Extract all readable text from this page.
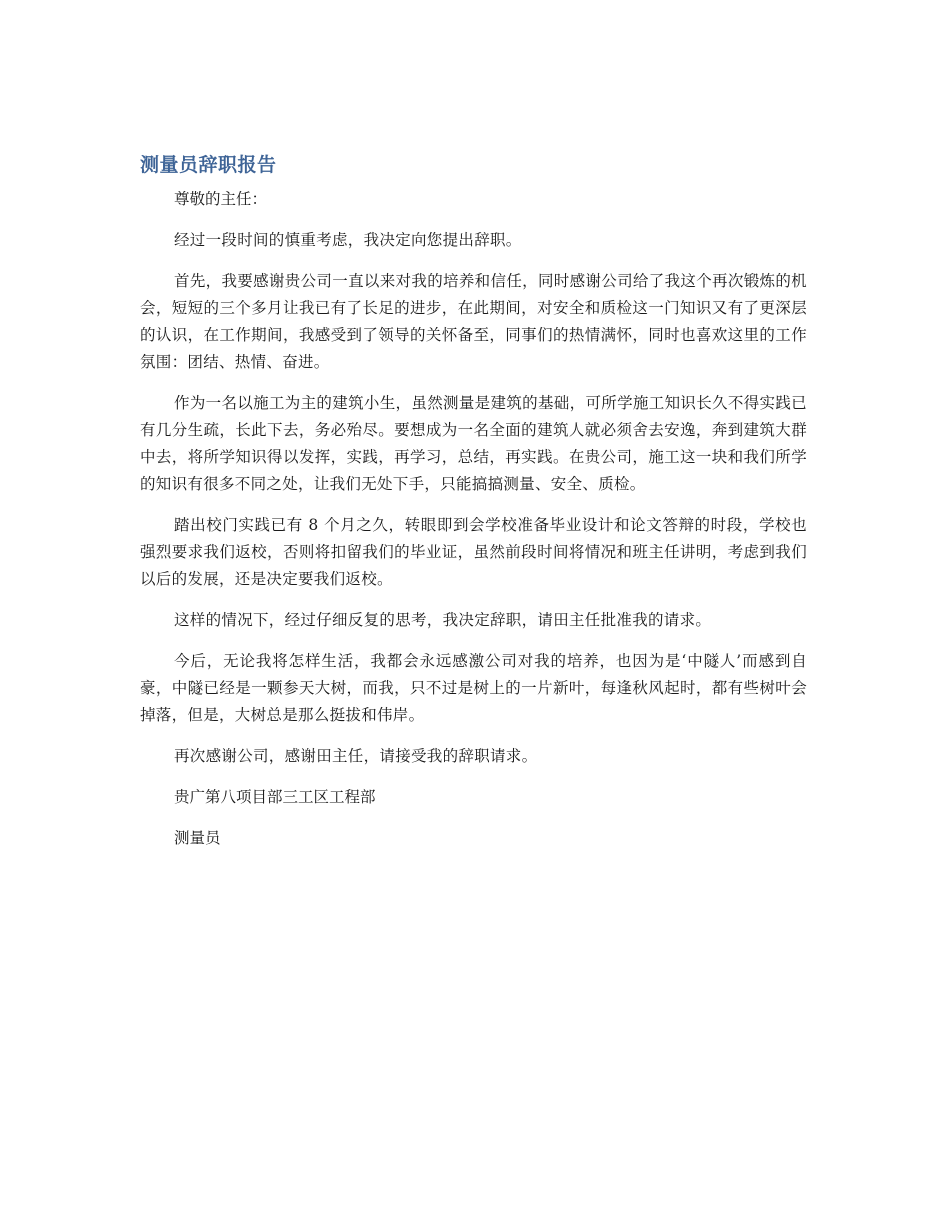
测量员辞职报告

尊敬的主任：

经过一段时间的慎重考虑，我决定向您提出辞职。

首先，我要感谢贵公司一直以来对我的培养和信任，同时感谢公司给了我这个再次锻炼的机会，短短的三个多月让我已有了长足的进步，在此期间，对安全和质检这一门知识又有了更深层的认识，在工作期间，我感受到了领导的关怀备至，同事们的热情满怀，同时也喜欢这里的工作氛围：团结、热情、奋进。

作为一名以施工为主的建筑小生，虽然测量是建筑的基础，可所学施工知识长久不得实践已有几分生疏，长此下去，务必殆尽。要想成为一名全面的建筑人就必须舍去安逸，奔到建筑大群中去，将所学知识得以发挥，实践，再学习，总结，再实践。在贵公司，施工这一块和我们所学的知识有很多不同之处，让我们无处下手，只能搞搞测量、安全、质检。

踏出校门实践已有 8 个月之久，转眼即到会学校准备毕业设计和论文答辩的时段，学校也强烈要求我们返校，否则将扣留我们的毕业证，虽然前段时间将情况和班主任讲明，考虑到我们以后的发展，还是决定要我们返校。

这样的情况下，经过仔细反复的思考，我决定辞职，请田主任批准我的请求。

今后，无论我将怎样生活，我都会永远感激公司对我的培养，也因为是‘中隧人’而感到自豪，中隧已经是一颗参天大树，而我，只不过是树上的一片新叶，每逢秋风起时，都有些树叶会掉落，但是，大树总是那么挺拔和伟岸。

再次感谢公司，感谢田主任，请接受我的辞职请求。

贵广第八项目部三工区工程部

测量员
